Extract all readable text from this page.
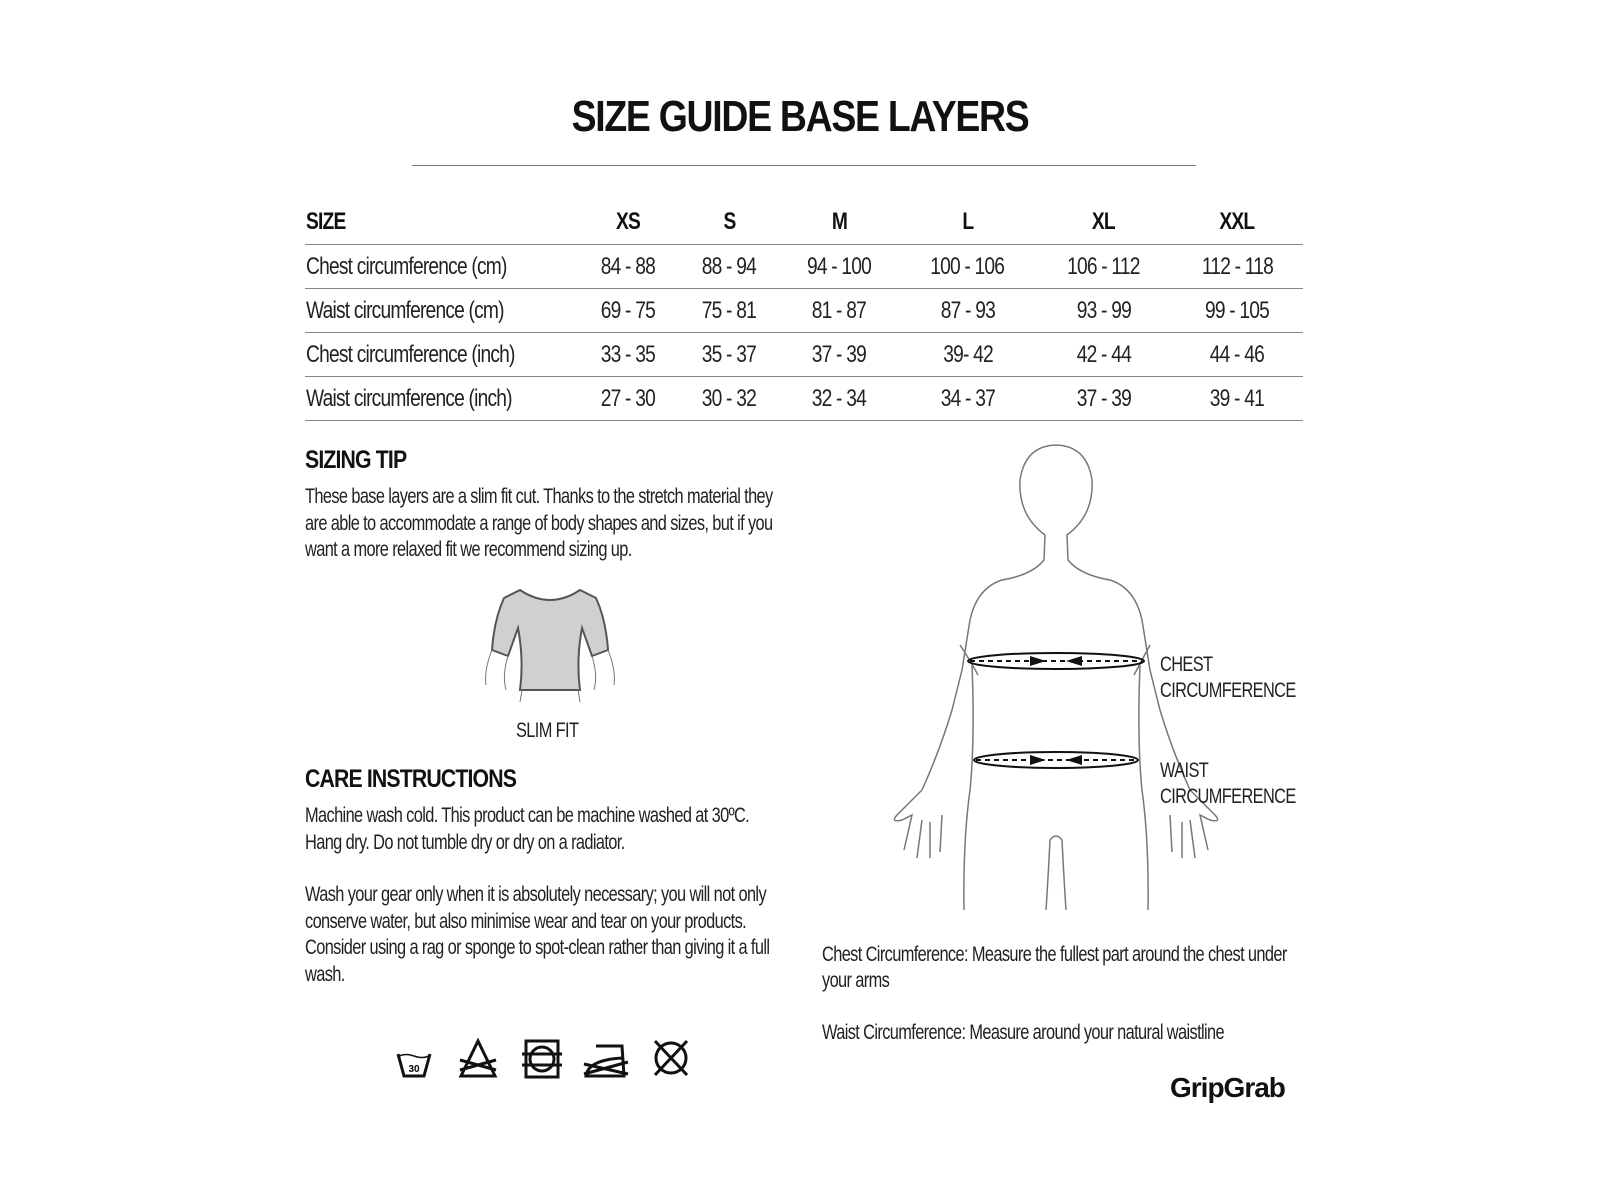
SIZE GUIDE BASE LAYERS
SIZE	XS	S	M	L	XL	XXL
Chest circumference (cm)	84 - 88	88 - 94	94 - 100	100 - 106	106 - 112	112 - 118
Waist circumference (cm)	69 - 75	75 - 81	81 - 87	87 - 93	93 - 99	99 - 105
Chest circumference (inch)	33 - 35	35 - 37	37 - 39	39- 42	42 - 44	44 - 46
Waist circumference (inch)	27 - 30	30 - 32	32 - 34	34 - 37	37 - 39	39 - 41
SIZING TIP
These base layers are a slim fit cut. Thanks to the stretch material they are able to accommodate a range of body shapes and sizes, but if you want a more relaxed fit we recommend sizing up.
SLIM FIT
CARE INSTRUCTIONS
Machine wash cold. This product can be machine washed at 30ºC. Hang dry. Do not tumble dry or dry on a radiator.
Wash your gear only when it is absolutely necessary; you will not only conserve water, but also minimise wear and tear on your products. Consider using a rag or sponge to spot-clean rather than giving it a full wash.
30
CHEST
CIRCUMFERENCE
WAIST
CIRCUMFERENCE
Chest Circumference: Measure the fullest part around the chest under your arms
Waist Circumference: Measure around your natural waistline
GripGrab
